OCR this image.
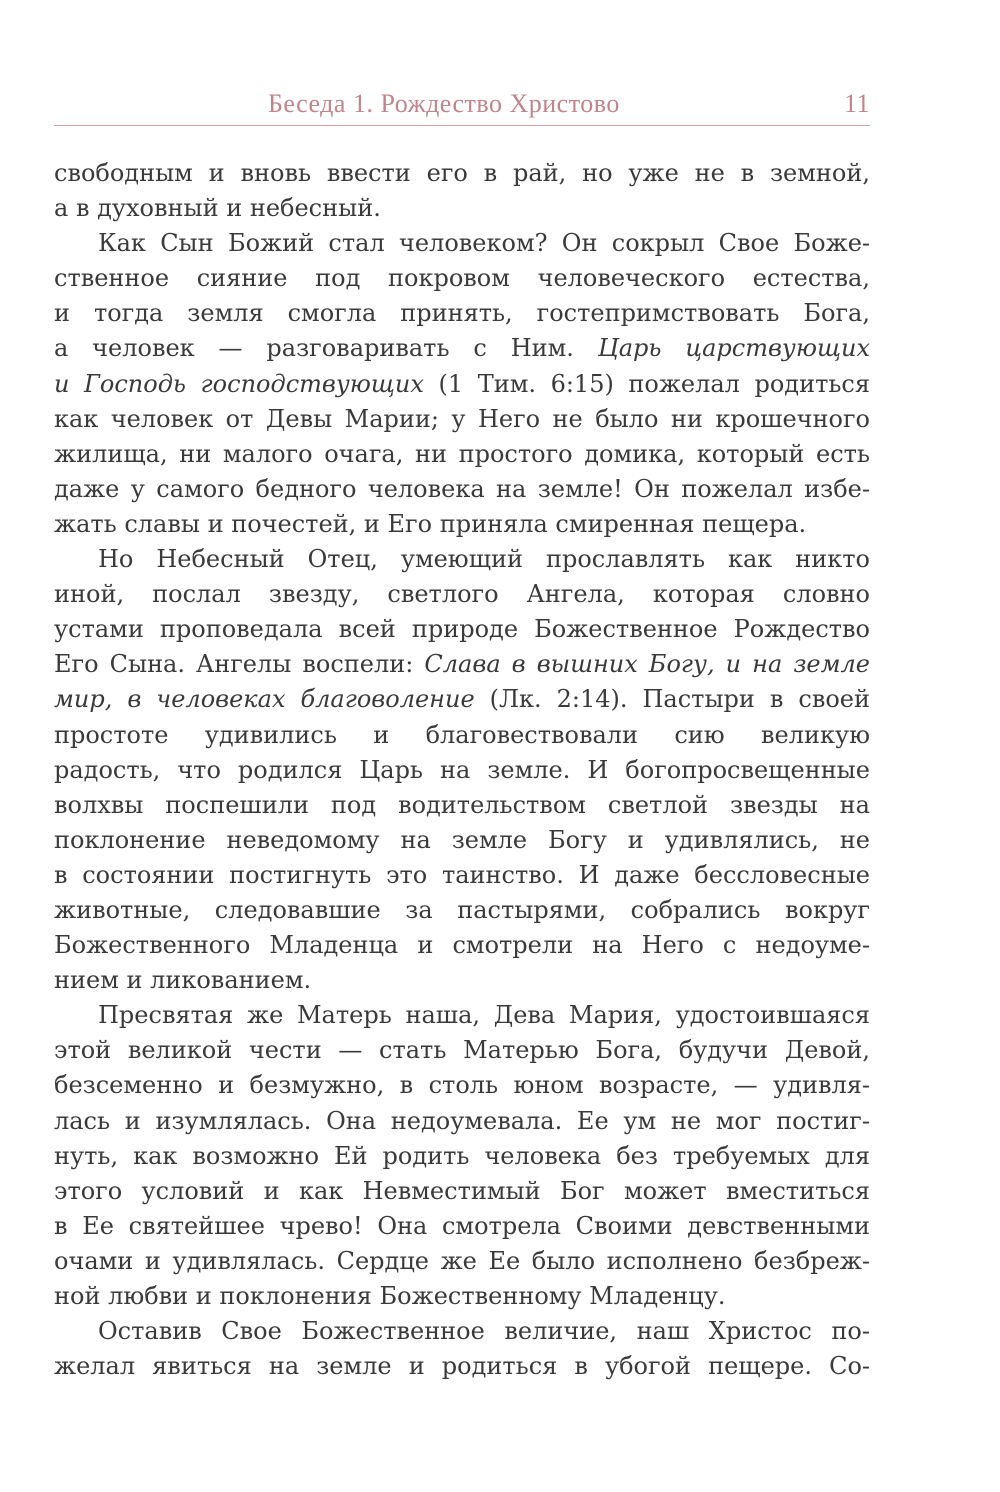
Беседа 1. Рождество Христово	11
свободным и вновь ввести его в рай, но уже не в земной,
а в духовный и небесный.
Как Сын Божий стал человеком? Он сокрыл Свое Боже-
ственное сияние под покровом человеческого естества,
и тогда земля смогла принять, гостепримствовать Бога,
а человек — разговаривать с Ним. Царь царствующих
и Господь господствующих (1 Тим. 6:15) пожелал родиться
как человек от Девы Марии; у Него не было ни крошечного
жилища, ни малого очага, ни простого домика, который есть
даже у самого бедного человека на земле! Он пожелал избе-
жать славы и почестей, и Его приняла смиренная пещера.
Но Небесный Отец, умеющий прославлять как никто
иной, послал звезду, светлого Ангела, которая словно
устами проповедала всей природе Божественное Рождество
Его Сына. Ангелы воспели: Слава в вышних Богу, и на земле
мир, в человеках благоволение (Лк. 2:14). Пастыри в своей
простоте удивились и благовествовали сию великую
радость, что родился Царь на земле. И богопросвещенные
волхвы поспешили под водительством светлой звезды на
поклонение неведомому на земле Богу и удивлялись, не
в состоянии постигнуть это таинство. И даже бессловесные
животные, следовавшие за пастырями, собрались вокруг
Божественного Младенца и смотрели на Него с недоуме-
нием и ликованием.
Пресвятая же Матерь наша, Дева Мария, удостоившаяся
этой великой чести — стать Матерью Бога, будучи Девой,
безсеменно и безмужно, в столь юном возрасте, — удивля-
лась и изумлялась. Она недоумевала. Ее ум не мог постиг-
нуть, как возможно Ей родить человека без требуемых для
этого условий и как Невместимый Бог может вместиться
в Ее святейшее чрево! Она смотрела Своими девственными
очами и удивлялась. Сердце же Ее было исполнено безбреж-
ной любви и поклонения Божественному Младенцу.
Оставив Свое Божественное величие, наш Христос по-
желал явиться на земле и родиться в убогой пещере. Со-
